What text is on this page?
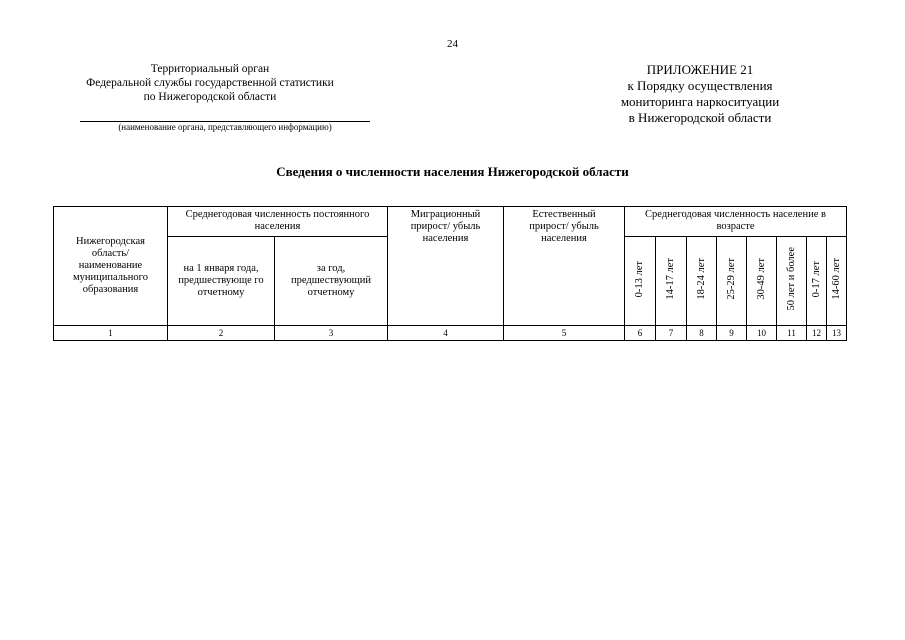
24
Территориальный орган
Федеральной службы государственной статистики
по Нижегородской области
(наименование органа, представляющего информацию)
ПРИЛОЖЕНИЕ 21
к Порядку осуществления
мониторинга наркоситуации
в Нижегородской области
Сведения о численности населения Нижегородской области
Нижегородская область/ наименование муниципального образования	Среднегодовая численность постоянного населения		Миграционный прирост/ убыль населения	Естественный прирост/ убыль населения	Среднегодовая численность население в возрасте							

	на 1 января года, предшествующе го отчетному	за год, предшествующий отчетному			0-13 лет	14-17 лет	18-24 лет	25-29 лет	30-49 лет	50 лет и более	0-17 лет	14-60 лет
1	2	3	4	5	6	7	8	9	10	11	12	13
